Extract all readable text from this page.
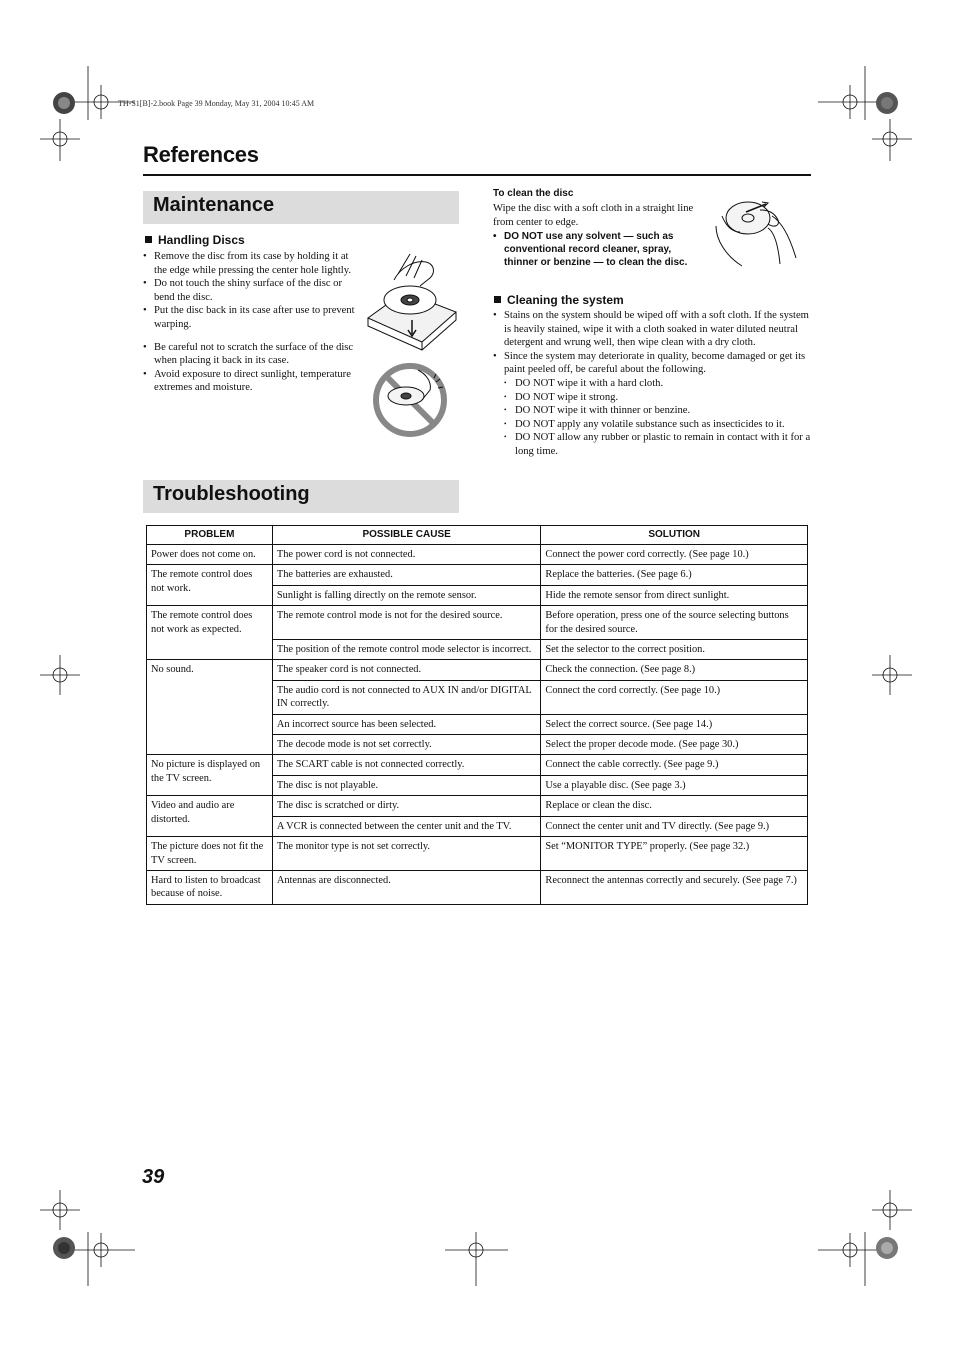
TH-S1[B]-2.book Page 39 Monday, May 31, 2004 10:45 AM
References
Maintenance
Handling Discs
• Remove the disc from its case by holding it at the edge while pressing the center hole lightly.
• Do not touch the shiny surface of the disc or bend the disc.
• Put the disc back in its case after use to prevent warping.
• Be careful not to scratch the surface of the disc when placing it back in its case.
• Avoid exposure to direct sunlight, temperature extremes and moisture.
To clean the disc
Wipe the disc with a soft cloth in a straight line from center to edge.
• DO NOT use any solvent — such as conventional record cleaner, spray, thinner or benzine — to clean the disc.
Cleaning the system
• Stains on the system should be wiped off with a soft cloth. If the system is heavily stained, wipe it with a cloth soaked in water diluted neutral detergent and wrung well, then wipe clean with a dry cloth.
• Since the system may deteriorate in quality, become damaged or get its paint peeled off, be careful about the following.
• DO NOT wipe it with a hard cloth.
• DO NOT wipe it strong.
• DO NOT wipe it with thinner or benzine.
• DO NOT apply any volatile substance such as insecticides to it.
• DO NOT allow any rubber or plastic to remain in contact with it for a long time.
Troubleshooting
PROBLEM	POSSIBLE CAUSE	SOLUTION
Power does not come on.	The power cord is not connected.	Connect the power cord correctly. (See page 10.)
The remote control does not work.	The batteries are exhausted.	Replace the batteries. (See page 6.)
	Sunlight is falling directly on the remote sensor.	Hide the remote sensor from direct sunlight.
The remote control does not work as expected.	The remote control mode is not for the desired source.	Before operation, press one of the source selecting buttons for the desired source.
	The position of the remote control mode selector is incorrect.	Set the selector to the correct position.
No sound.	The speaker cord is not connected.	Check the connection. (See page 8.)
	The audio cord is not connected to AUX IN and/or DIGITAL IN correctly.	Connect the cord correctly. (See page 10.)
	An incorrect source has been selected.	Select the correct source. (See page 14.)
	The decode mode is not set correctly.	Select the proper decode mode. (See page 30.)
No picture is displayed on the TV screen.	The SCART cable is not connected correctly.	Connect the cable correctly. (See page 9.)
	The disc is not playable.	Use a playable disc. (See page 3.)
Video and audio are distorted.	The disc is scratched or dirty.	Replace or clean the disc.
	A VCR is connected between the center unit and the TV.	Connect the center unit and TV directly. (See page 9.)
The picture does not fit the TV screen.	The monitor type is not set correctly.	Set “MONITOR TYPE” properly. (See page 32.)
Hard to listen to broadcast because of noise.	Antennas are disconnected.	Reconnect the antennas correctly and securely. (See page 7.)
39
